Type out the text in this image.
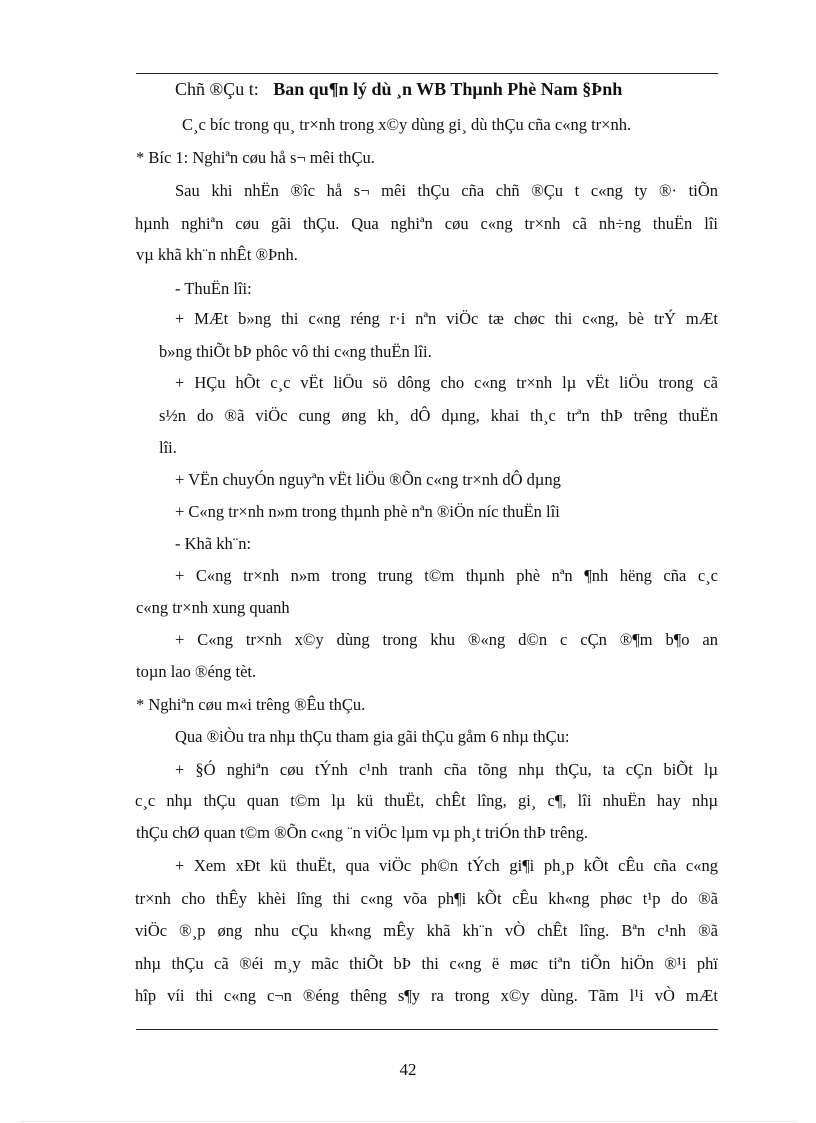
Chñ ®Çu t: Ban qu¶n lý dù ¸n WB Thµnh Phè Nam §Þnh
C¸c bíc trong qu¸ tr×nh trong x©y dùng gi¸ dù thÇu cña c«ng tr×nh.
* Bíc 1: Nghiªn cøu hå s¬ mêi thÇu.
Sau khi nhËn ®îc hå s¬ mêi thÇu cña chñ ®Çu t c«ng ty ®· tiÕn
hµnh nghiªn cøu gãi thÇu. Qua nghiªn cøu c«ng tr×nh cã nh÷ng thuËn lîi
vµ khã kh¨n nhÊt ®Þnh.
- ThuËn lîi:
+ MÆt b»ng thi c«ng réng r·i nªn viÖc tæ chøc thi c«ng, bè trÝ mÆt
b»ng thiÕt bÞ phôc vô thi c«ng thuËn lîi.
+ HÇu hÕt c¸c vËt liÖu sö dông cho c«ng tr×nh lµ vËt liÖu trong cã
s½n do ®ã viÖc cung øng kh¸ dÔ dµng, khai th¸c trªn thÞ trêng thuËn
lîi.
+ VËn chuyÓn nguyªn vËt liÖu ®Õn c«ng tr×nh dÔ dµng
+ C«ng tr×nh n»m trong thµnh phè nªn ®iÖn níc thuËn lîi
- Khã kh¨n:
+ C«ng tr×nh n»m trong trung t©m thµnh phè nªn ¶nh hëng cña c¸c
c«ng tr×nh xung quanh
+ C«ng tr×nh x©y dùng trong khu ®«ng d©n c cÇn ®¶m b¶o an
toµn lao ®éng tèt.
* Nghiªn cøu m«i trêng ®Êu thÇu.
Qua ®iÒu tra nhµ thÇu tham gia gãi thÇu gåm 6 nhµ thÇu:
+ §Ó nghiªn cøu tÝnh c¹nh tranh cña tõng nhµ thÇu, ta cÇn biÕt lµ
c¸c nhµ thÇu quan t©m lµ kü thuËt, chÊt lîng, gi¸ c¶, lîi nhuËn hay nhµ
thÇu chØ quan t©m ®Õn c«ng ¨n viÖc lµm vµ ph¸t triÓn thÞ trêng.
+ Xem xÐt kü thuËt, qua viÖc ph©n tÝch gi¶i ph¸p kÕt cÊu cña c«ng
tr×nh cho thÊy khèi lîng thi c«ng võa ph¶i kÕt cÊu kh«ng phøc t¹p do ®ã
viÖc ®¸p øng nhu cÇu kh«ng mÊy khã kh¨n vÒ chÊt lîng. Bªn c¹nh ®ã
nhµ thÇu cã ®éi m¸y mãc thiÕt bÞ thi c«ng ë møc tiªn tiÕn hiÖn ®¹i phï
hîp víi thi c«ng c¬n ®éng thêng s¶y ra trong x©y dùng. Tãm l¹i vÒ mÆt
42
